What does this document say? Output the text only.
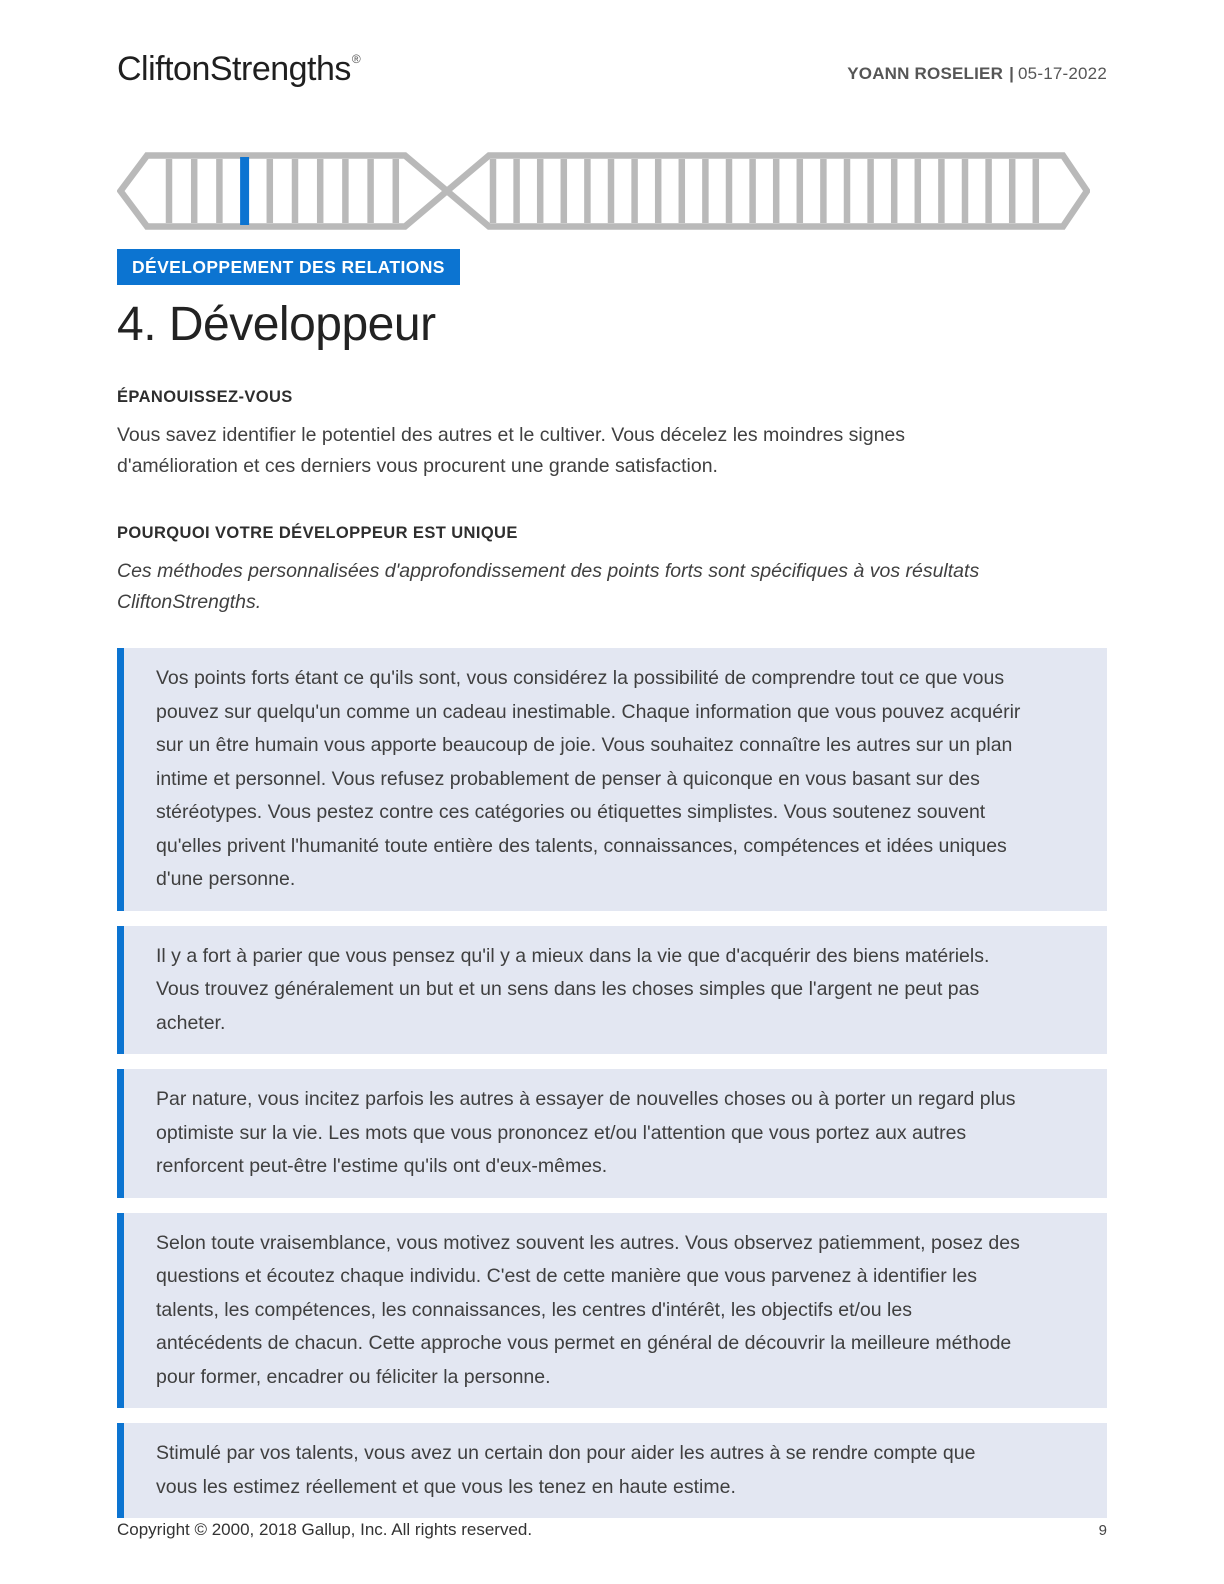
CliftonStrengths®
YOANN ROSELIER | 05-17-2022
DÉVELOPPEMENT DES RELATIONS
4. Développeur
ÉPANOUISSEZ-VOUS

Vous savez identifier le potentiel des autres et le cultiver. Vous décelez les moindres signes d'amélioration et ces derniers vous procurent une grande satisfaction.

POURQUOI VOTRE DÉVELOPPEUR EST UNIQUE

Ces méthodes personnalisées d'approfondissement des points forts sont spécifiques à vos résultats CliftonStrengths.

Vos points forts étant ce qu'ils sont, vous considérez la possibilité de comprendre tout ce que vous pouvez sur quelqu'un comme un cadeau inestimable. Chaque information que vous pouvez acquérir sur un être humain vous apporte beaucoup de joie. Vous souhaitez connaître les autres sur un plan intime et personnel. Vous refusez probablement de penser à quiconque en vous basant sur des stéréotypes. Vous pestez contre ces catégories ou étiquettes simplistes. Vous soutenez souvent qu'elles privent l'humanité toute entière des talents, connaissances, compétences et idées uniques d'une personne.
Il y a fort à parier que vous pensez qu'il y a mieux dans la vie que d'acquérir des biens matériels. Vous trouvez généralement un but et un sens dans les choses simples que l'argent ne peut pas acheter.
Par nature, vous incitez parfois les autres à essayer de nouvelles choses ou à porter un regard plus optimiste sur la vie. Les mots que vous prononcez et/ou l'attention que vous portez aux autres renforcent peut-être l'estime qu'ils ont d'eux-mêmes.
Selon toute vraisemblance, vous motivez souvent les autres. Vous observez patiemment, posez des questions et écoutez chaque individu. C'est de cette manière que vous parvenez à identifier les talents, les compétences, les connaissances, les centres d'intérêt, les objectifs et/ou les antécédents de chacun. Cette approche vous permet en général de découvrir la meilleure méthode pour former, encadrer ou féliciter la personne.
Stimulé par vos talents, vous avez un certain don pour aider les autres à se rendre compte que vous les estimez réellement et que vous les tenez en haute estime.
Copyright © 2000, 2018 Gallup, Inc. All rights reserved.	9
